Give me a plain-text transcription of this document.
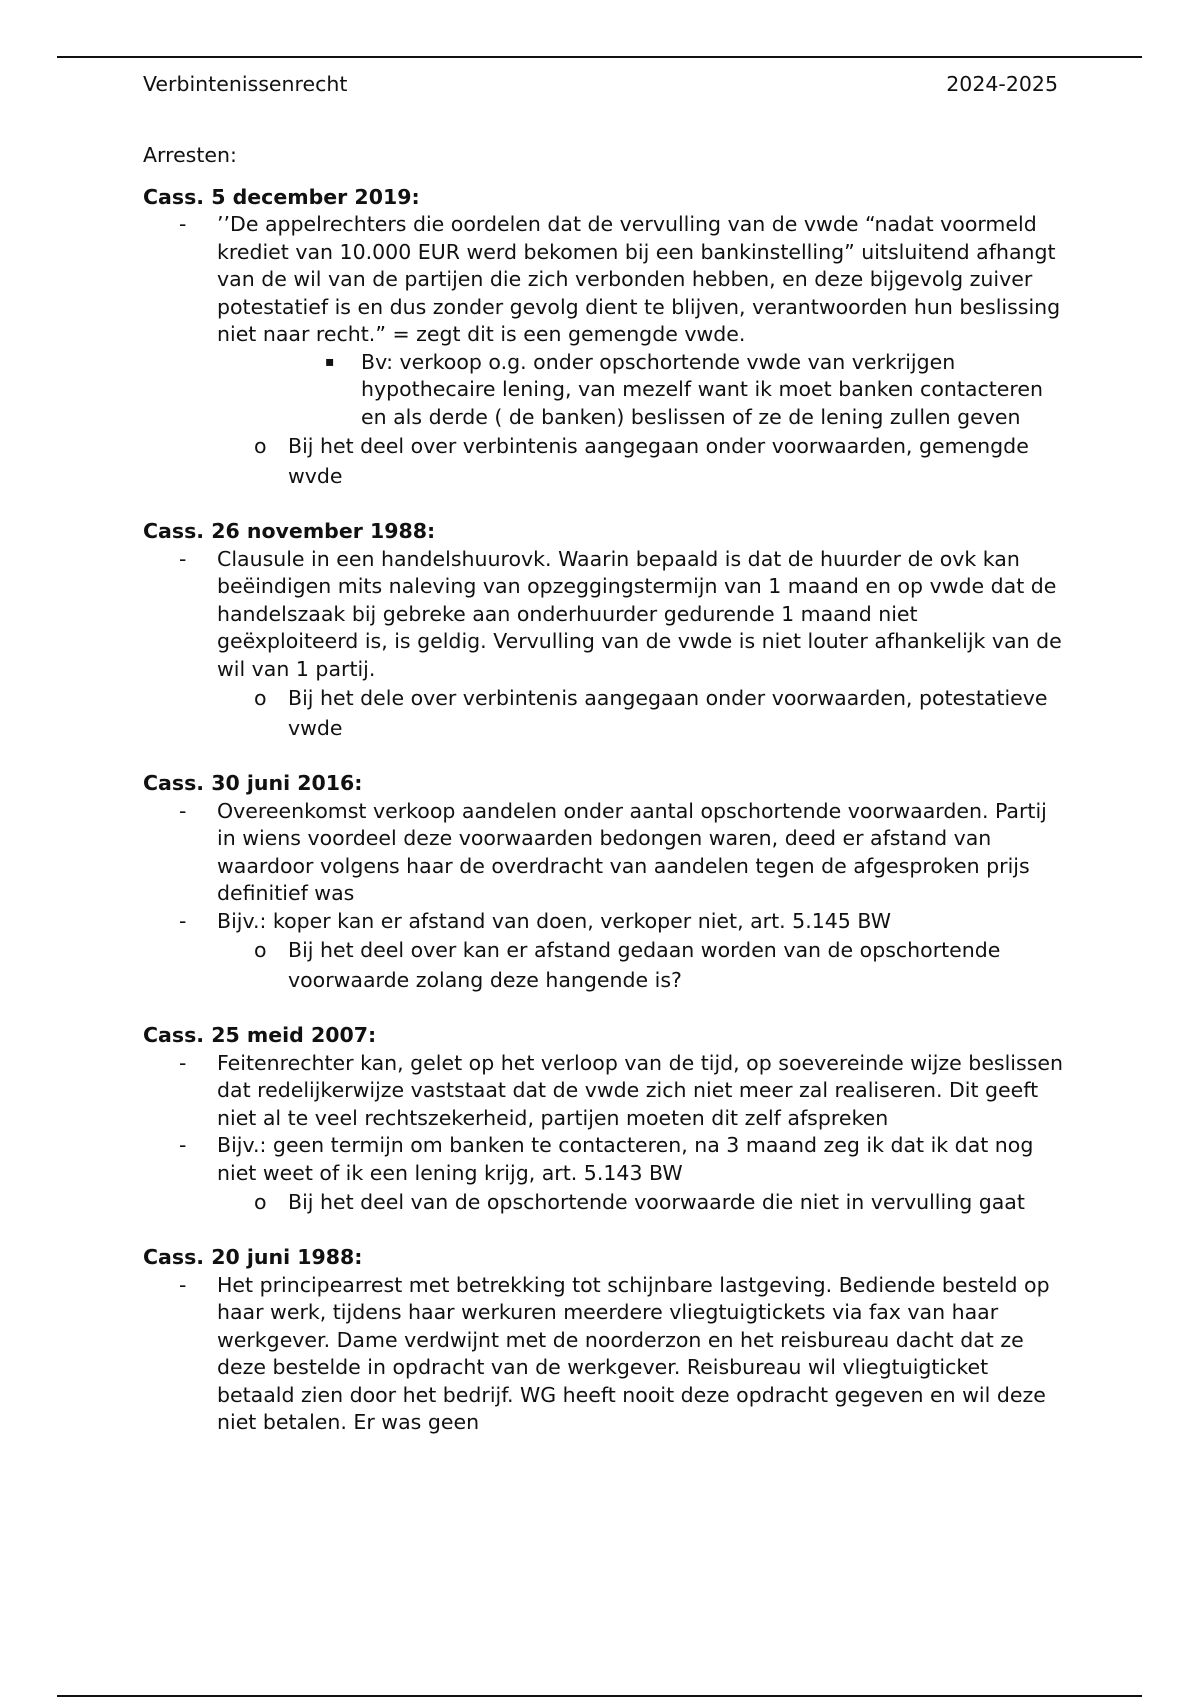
Verbintenissenrecht	2024-2025

Arresten:

Cass. 5 december 2019:

- ’’De appelrechters die oordelen dat de vervulling van de vwde “nadat voormeld krediet van 10.000 EUR werd bekomen bij een bankinstelling” uitsluitend afhangt van de wil van de partijen die zich verbonden hebben, en deze bijgevolg zuiver potestatief is en dus zonder gevolg dient te blijven, verantwoorden hun beslissing niet naar recht.” = zegt dit is een gemengde vwde.

▪ Bv: verkoop o.g. onder opschortende vwde van verkrijgen hypothecaire lening, van mezelf want ik moet banken contacteren en als derde ( de banken) beslissen of ze de lening zullen geven

o Bij het deel over verbintenis aangegaan onder voorwaarden, gemengde wvde

Cass. 26 november 1988:

- Clausule in een handelshuurovk. Waarin bepaald is dat de huurder de ovk kan beëindigen mits naleving van opzeggingstermijn van 1 maand en op vwde dat de handelszaak bij gebreke aan onderhuurder gedurende 1 maand niet geëxploiteerd is, is geldig. Vervulling van de vwde is niet louter afhankelijk van de wil van 1 partij.

o Bij het dele over verbintenis aangegaan onder voorwaarden, potestatieve vwde

Cass. 30 juni 2016:

- Overeenkomst verkoop aandelen onder aantal opschortende voorwaarden. Partij in wiens voordeel deze voorwaarden bedongen waren, deed er afstand van waardoor volgens haar de overdracht van aandelen tegen de afgesproken prijs definitief was

- Bijv.: koper kan er afstand van doen, verkoper niet, art. 5.145 BW

o Bij het deel over kan er afstand gedaan worden van de opschortende voorwaarde zolang deze hangende is?

Cass. 25 meid 2007:

- Feitenrechter kan, gelet op het verloop van de tijd, op soevereinde wijze beslissen dat redelijkerwijze vaststaat dat de vwde zich niet meer zal realiseren. Dit geeft niet al te veel rechtszekerheid, partijen moeten dit zelf afspreken

- Bijv.: geen termijn om banken te contacteren, na 3 maand zeg ik dat ik dat nog niet weet of ik een lening krijg, art. 5.143 BW

o Bij het deel van de opschortende voorwaarde die niet in vervulling gaat

Cass. 20 juni 1988:

- Het principearrest met betrekking tot schijnbare lastgeving. Bediende besteld op haar werk, tijdens haar werkuren meerdere vliegtuigtickets via fax van haar werkgever. Dame verdwijnt met de noorderzon en het reisbureau dacht dat ze deze bestelde in opdracht van de werkgever. Reisbureau wil vliegtuigticket betaald zien door het bedrijf. WG heeft nooit deze opdracht gegeven en wil deze niet betalen. Er was geen
